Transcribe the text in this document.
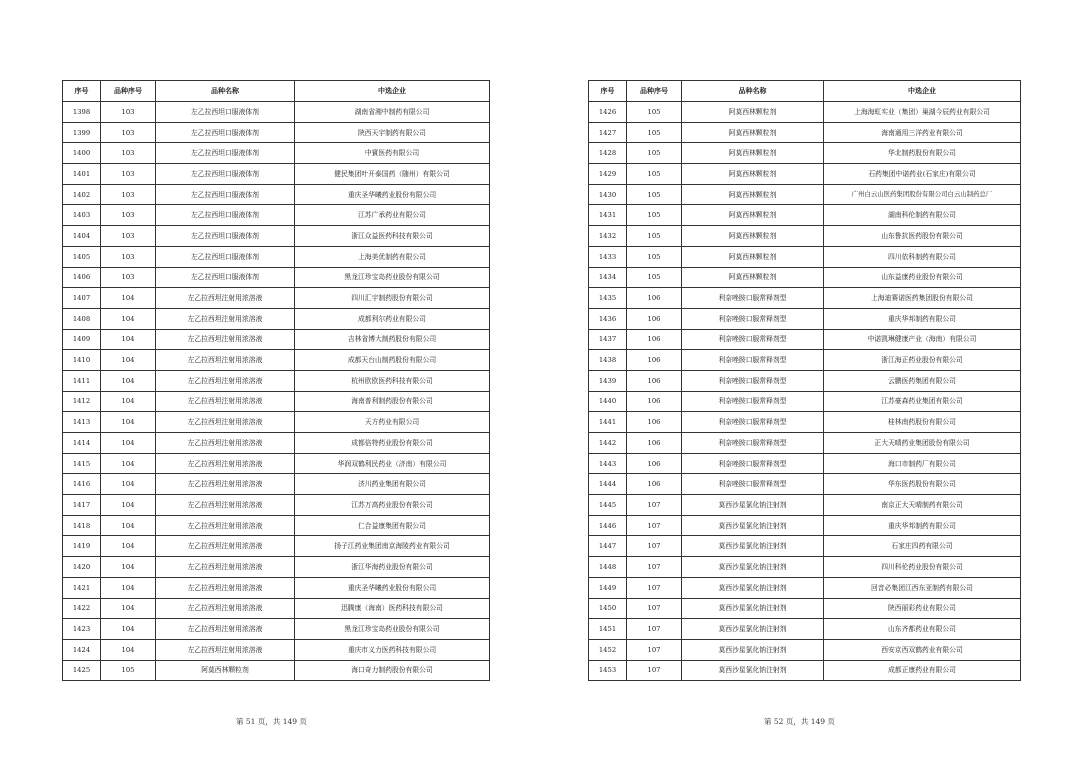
序号	品种序号	品种名称	中选企业
1398	103	左乙拉西坦口服液体剂	湖南省湘中制药有限公司
1399	103	左乙拉西坦口服液体剂	陕西天宇制药有限公司
1400	103	左乙拉西坦口服液体剂	中賓医药有限公司
1401	103	左乙拉西坦口服液体剂	健民集团叶开泰国药（随州）有限公司
1402	103	左乙拉西坦口服液体剂	重庆圣华曦药业股份有限公司
1403	103	左乙拉西坦口服液体剂	江苏广承药业有限公司
1404	103	左乙拉西坦口服液体剂	浙江众益医药科技有限公司
1405	103	左乙拉西坦口服液体剂	上海美优制药有限公司
1406	103	左乙拉西坦口服液体剂	黑龙江珍宝岛药业股份有限公司
1407	104	左乙拉西坦注射用浓溶液	四川汇宇制药股份有限公司
1408	104	左乙拉西坦注射用浓溶液	成都利尔药业有限公司
1409	104	左乙拉西坦注射用浓溶液	吉林省博大制药股份有限公司
1410	104	左乙拉西坦注射用浓溶液	成都天台山制药股份有限公司
1411	104	左乙拉西坦注射用浓溶液	杭州欧欧医药科技有限公司
1412	104	左乙拉西坦注射用浓溶液	海南普利制药股份有限公司
1413	104	左乙拉西坦注射用浓溶液	天方药业有限公司
1414	104	左乙拉西坦注射用浓溶液	成都倍特药业股份有限公司
1415	104	左乙拉西坦注射用浓溶液	华润双鹤利民药业（济南）有限公司
1416	104	左乙拉西坦注射用浓溶液	济川药业集团有限公司
1417	104	左乙拉西坦注射用浓溶液	江苏万高药业股份有限公司
1418	104	左乙拉西坦注射用浓溶液	仁合益康集团有限公司
1419	104	左乙拉西坦注射用浓溶液	扬子江药业集团南京海陵药业有限公司
1420	104	左乙拉西坦注射用浓溶液	浙江华海药业股份有限公司
1421	104	左乙拉西坦注射用浓溶液	重庆圣华曦药业股份有限公司
1422	104	左乙拉西坦注射用浓溶液	迅腾康（海南）医药科技有限公司
1423	104	左乙拉西坦注射用浓溶液	黑龙江珍宝岛药业股份有限公司
1424	104	左乙拉西坦注射用浓溶液	重庆市义力医药科技有限公司
1425	105	阿莫西林颗粒剂	海口奇力制药股份有限公司
第 51 页，共 149 页
序号	品种序号	品种名称	中选企业
1426	105	阿莫西林颗粒剂	上海海虹实业（集团）巢湖今辰药业有限公司
1427	105	阿莫西林颗粒剂	海南通用三洋药业有限公司
1428	105	阿莫西林颗粒剂	华北制药股份有限公司
1429	105	阿莫西林颗粒剂	石药集团中诺药业(石家庄)有限公司
1430	105	阿莫西林颗粒剂	广州白云山医药集团股份有限公司白云山制药总厂
1431	105	阿莫西林颗粒剂	湖南科伦制药有限公司
1432	105	阿莫西林颗粒剂	山东鲁抗医药股份有限公司
1433	105	阿莫西林颗粒剂	四川依科制药有限公司
1434	105	阿莫西林颗粒剂	山东益康药业股份有限公司
1435	106	利奈唑胺口服常释剂型	上海迪赛诺医药集团股份有限公司
1436	106	利奈唑胺口服常释剂型	重庆华邦制药有限公司
1437	106	利奈唑胺口服常释剂型	中诺凯琳健康产业（海南）有限公司
1438	106	利奈唑胺口服常释剂型	浙江海正药业股份有限公司
1439	106	利奈唑胺口服常释剂型	云鹏医药集团有限公司
1440	106	利奈唑胺口服常释剂型	江苏豪森药业集团有限公司
1441	106	利奈唑胺口服常释剂型	桂林南药股份有限公司
1442	106	利奈唑胺口服常释剂型	正大天晴药业集团股份有限公司
1443	106	利奈唑胺口服常释剂型	海口市制药厂有限公司
1444	106	利奈唑胺口服常释剂型	华东医药股份有限公司
1445	107	莫西沙星氯化钠注射剂	南京正大天晴制药有限公司
1446	107	莫西沙星氯化钠注射剂	重庆华邦制药有限公司
1447	107	莫西沙星氯化钠注射剂	石家庄四药有限公司
1448	107	莫西沙星氯化钠注射剂	四川科伦药业股份有限公司
1449	107	莫西沙星氯化钠注射剂	回音必集团江西东亚制药有限公司
1450	107	莫西沙星氯化钠注射剂	陕西丽彩药业有限公司
1451	107	莫西沙星氯化钠注射剂	山东齐都药业有限公司
1452	107	莫西沙星氯化钠注射剂	西安京西双鹤药业有限公司
1453	107	莫西沙星氯化钠注射剂	成都正康药业有限公司
第 52 页，共 149 页
